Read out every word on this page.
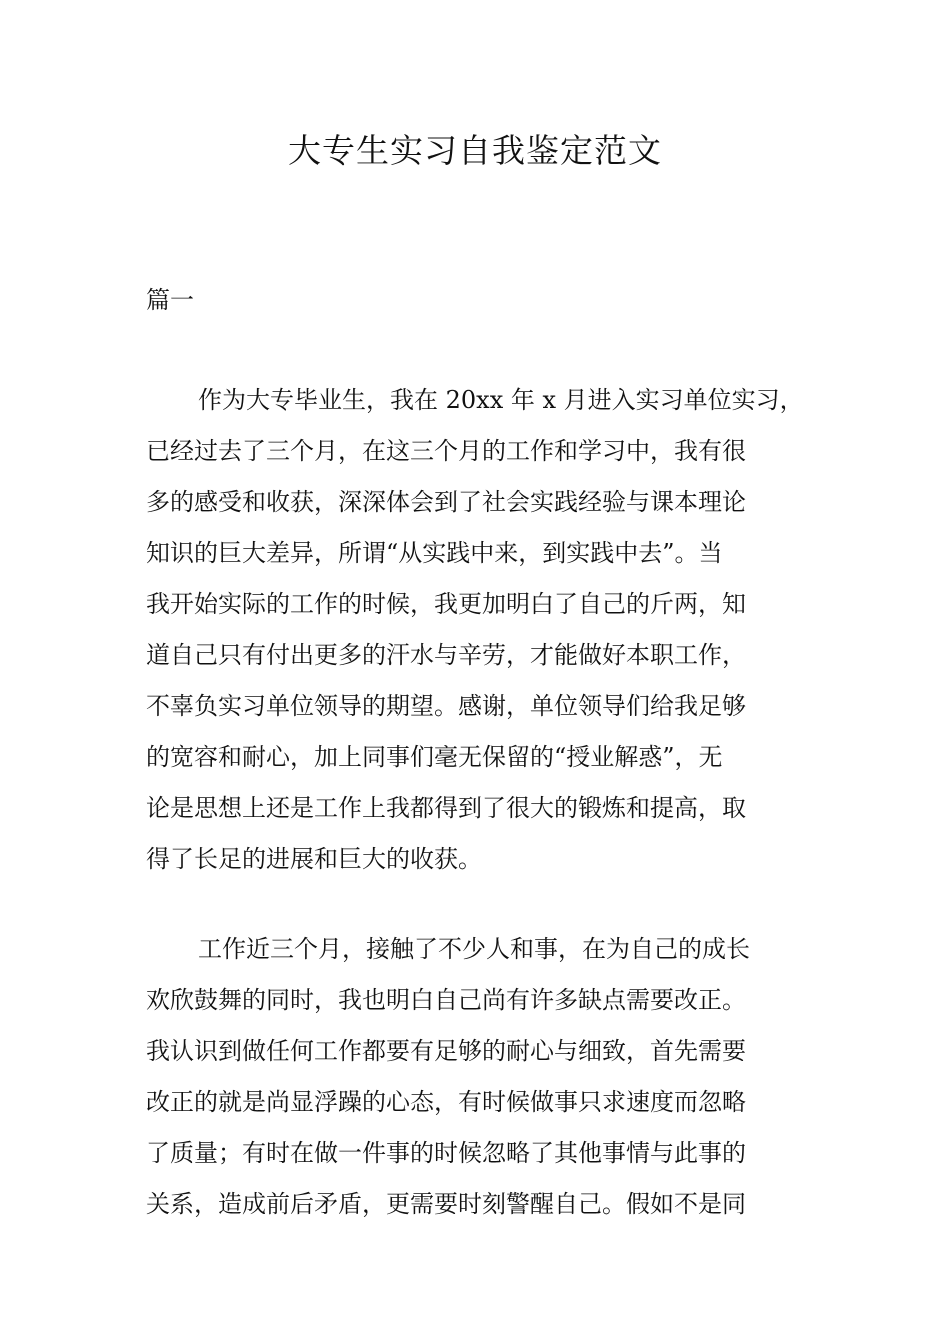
大专生实习自我鉴定范文
篇一
作为大专毕业生，我在 20xx 年 x 月进入实习单位实习，
已经过去了三个月，在这三个月的工作和学习中，我有很
多的感受和收获，深深体会到了社会实践经验与课本理论
知识的巨大差异，所谓“从实践中来，到实践中去”。当
我开始实际的工作的时候，我更加明白了自己的斤两，知
道自己只有付出更多的汗水与辛劳，才能做好本职工作，
不辜负实习单位领导的期望。感谢，单位领导们给我足够
的宽容和耐心，加上同事们毫无保留的“授业解惑”，无
论是思想上还是工作上我都得到了很大的锻炼和提高，取
得了长足的进展和巨大的收获。
工作近三个月，接触了不少人和事，在为自己的成长
欢欣鼓舞的同时，我也明白自己尚有许多缺点需要改正。
我认识到做任何工作都要有足够的耐心与细致，首先需要
改正的就是尚显浮躁的心态，有时候做事只求速度而忽略
了质量；有时在做一件事的时候忽略了其他事情与此事的
关系，造成前后矛盾，更需要时刻警醒自己。假如不是同
